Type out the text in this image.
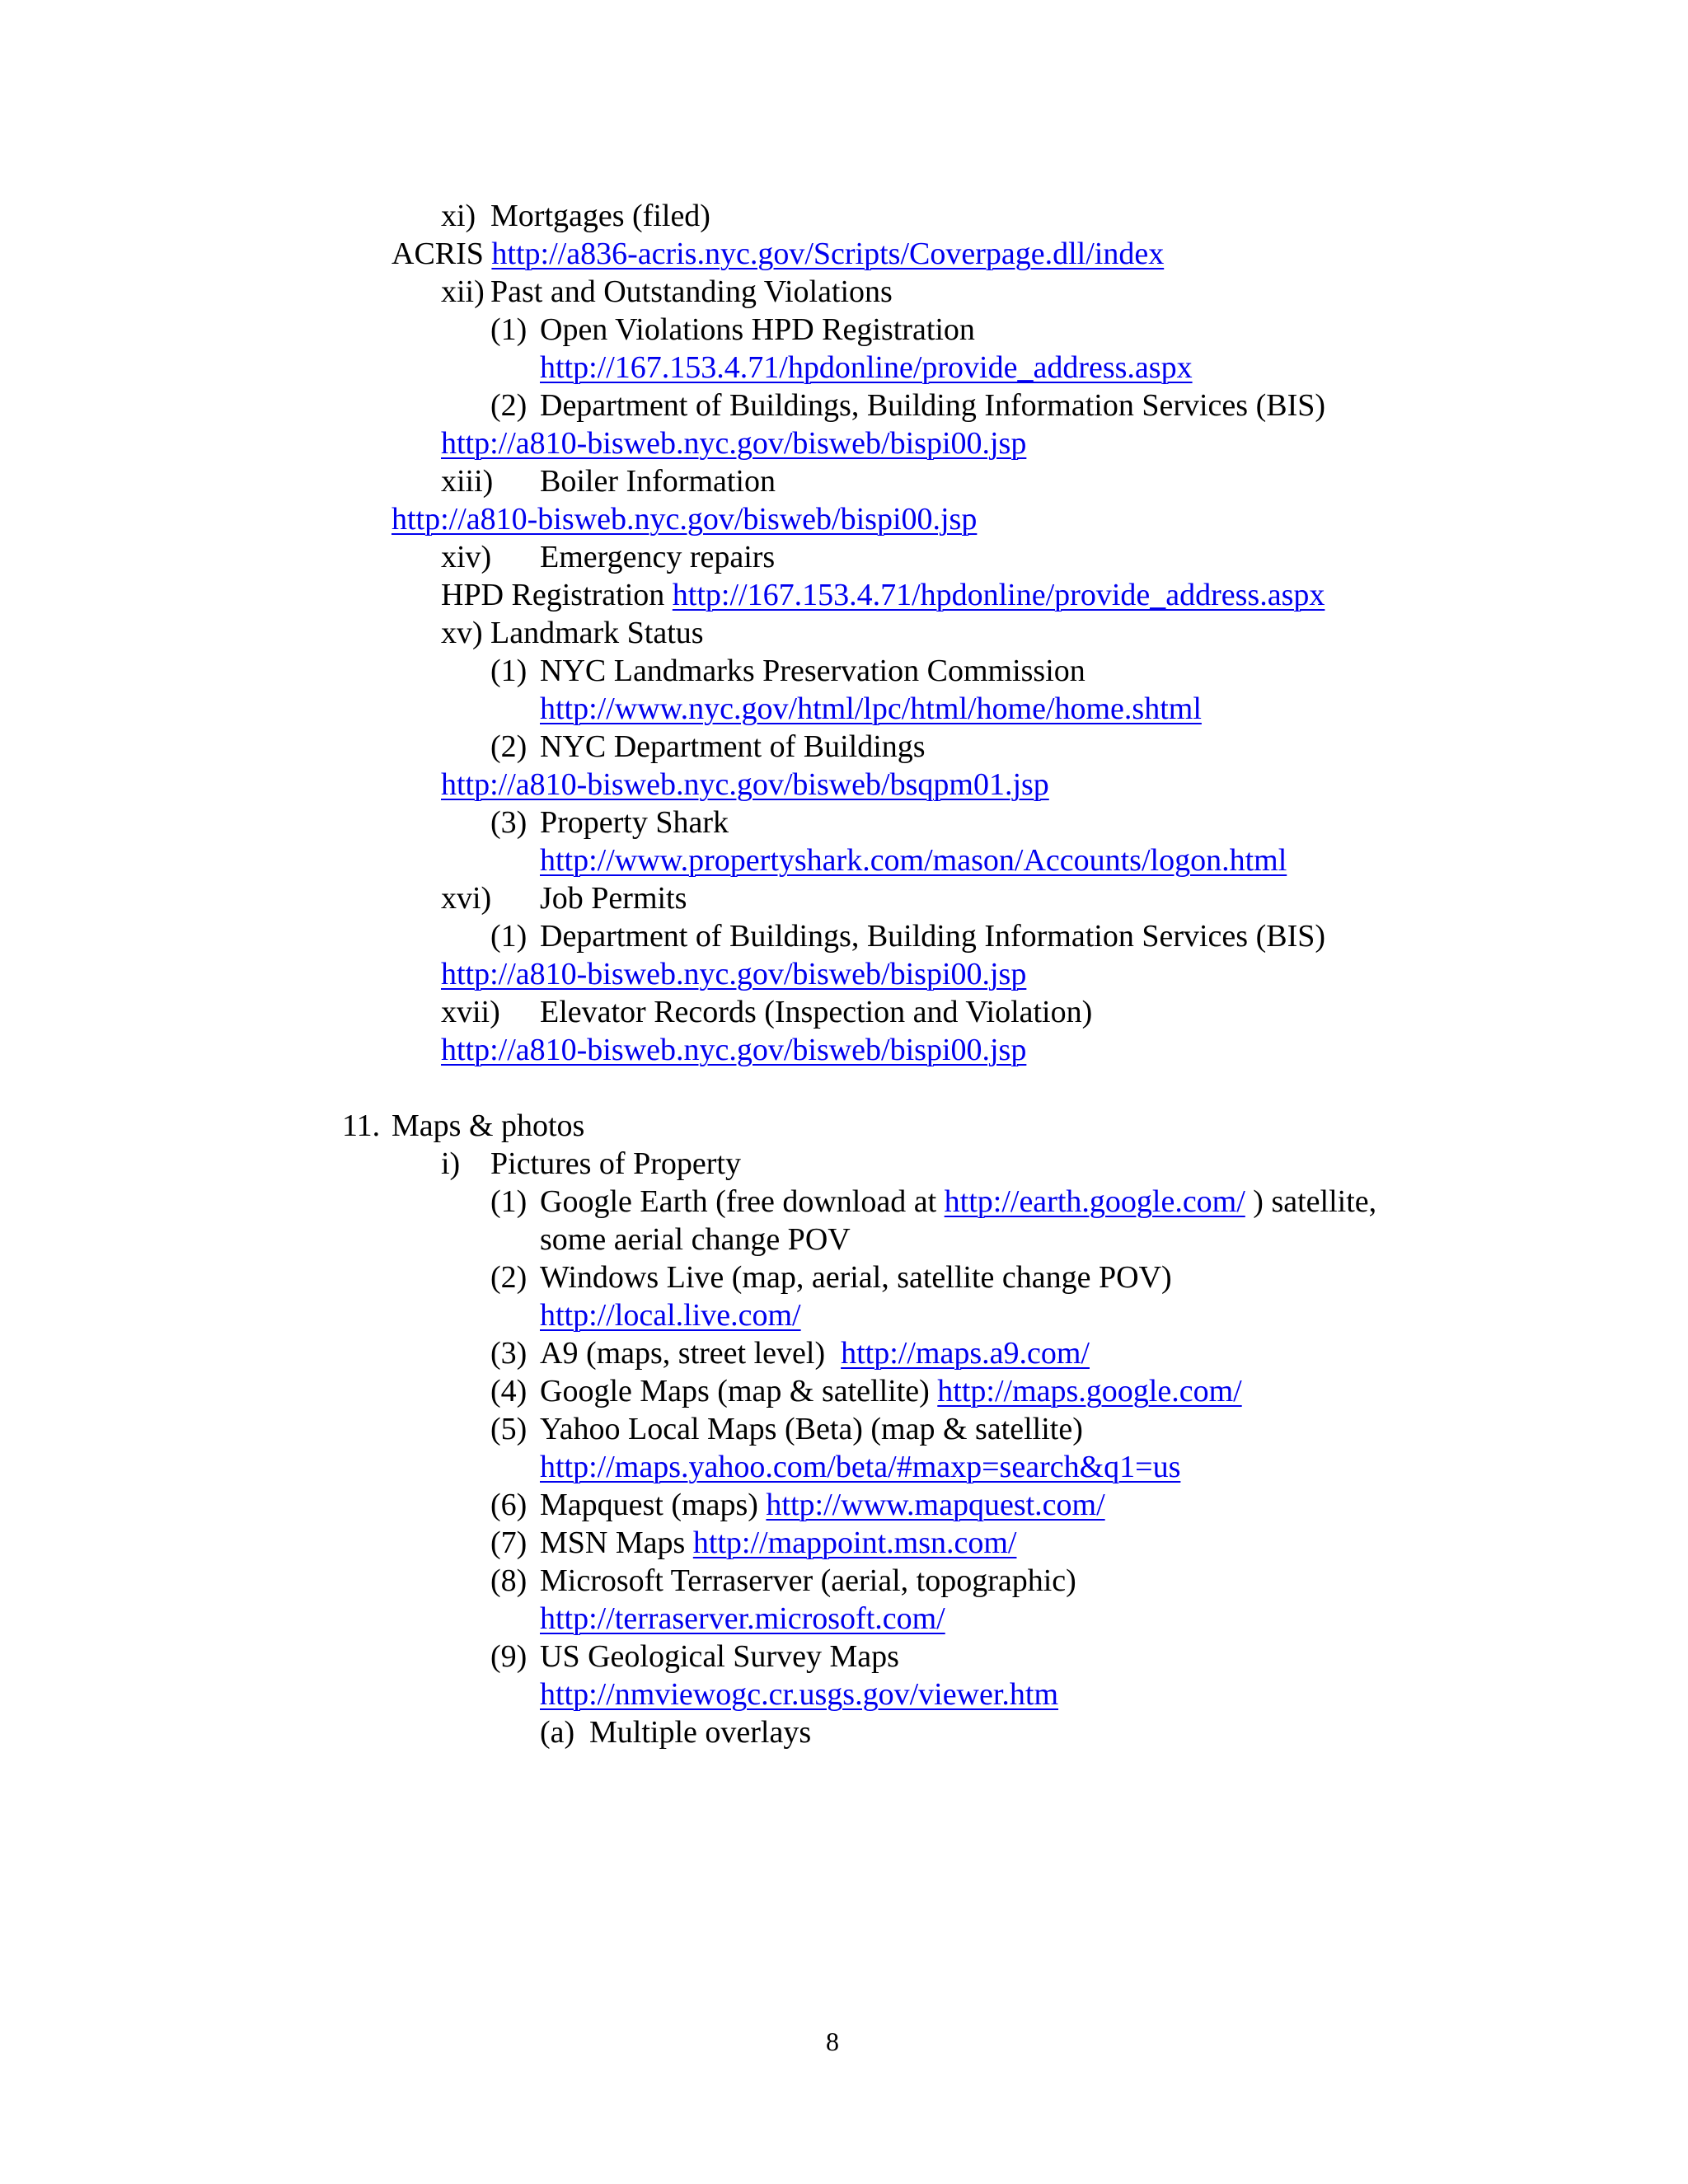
xi) Mortgages (filed)
ACRIS http://a836-acris.nyc.gov/Scripts/Coverpage.dll/index
xii) Past and Outstanding Violations
(1) Open Violations HPD Registration
http://167.153.4.71/hpdonline/provide_address.aspx
(2) Department of Buildings, Building Information Services (BIS)
http://a810-bisweb.nyc.gov/bisweb/bispi00.jsp
xiii) Boiler Information
http://a810-bisweb.nyc.gov/bisweb/bispi00.jsp
xiv) Emergency repairs
HPD Registration http://167.153.4.71/hpdonline/provide_address.aspx
xv) Landmark Status
(1) NYC Landmarks Preservation Commission
http://www.nyc.gov/html/lpc/html/home/home.shtml
(2) NYC Department of Buildings
http://a810-bisweb.nyc.gov/bisweb/bsqpm01.jsp
(3) Property Shark
http://www.propertyshark.com/mason/Accounts/logon.html
xvi) Job Permits
(1) Department of Buildings, Building Information Services (BIS)
http://a810-bisweb.nyc.gov/bisweb/bispi00.jsp
xvii) Elevator Records (Inspection and Violation)
http://a810-bisweb.nyc.gov/bisweb/bispi00.jsp
11. Maps & photos
i) Pictures of Property
(1) Google Earth (free download at http://earth.google.com/ ) satellite,
some aerial change POV
(2) Windows Live (map, aerial, satellite change POV)
http://local.live.com/
(3) A9 (maps, street level)  http://maps.a9.com/
(4) Google Maps (map & satellite) http://maps.google.com/
(5) Yahoo Local Maps (Beta) (map & satellite)
http://maps.yahoo.com/beta/#maxp=search&q1=us
(6) Mapquest (maps) http://www.mapquest.com/
(7) MSN Maps http://mappoint.msn.com/
(8) Microsoft Terraserver (aerial, topographic)
http://terraserver.microsoft.com/
(9) US Geological Survey Maps
http://nmviewogc.cr.usgs.gov/viewer.htm
(a) Multiple overlays
8
